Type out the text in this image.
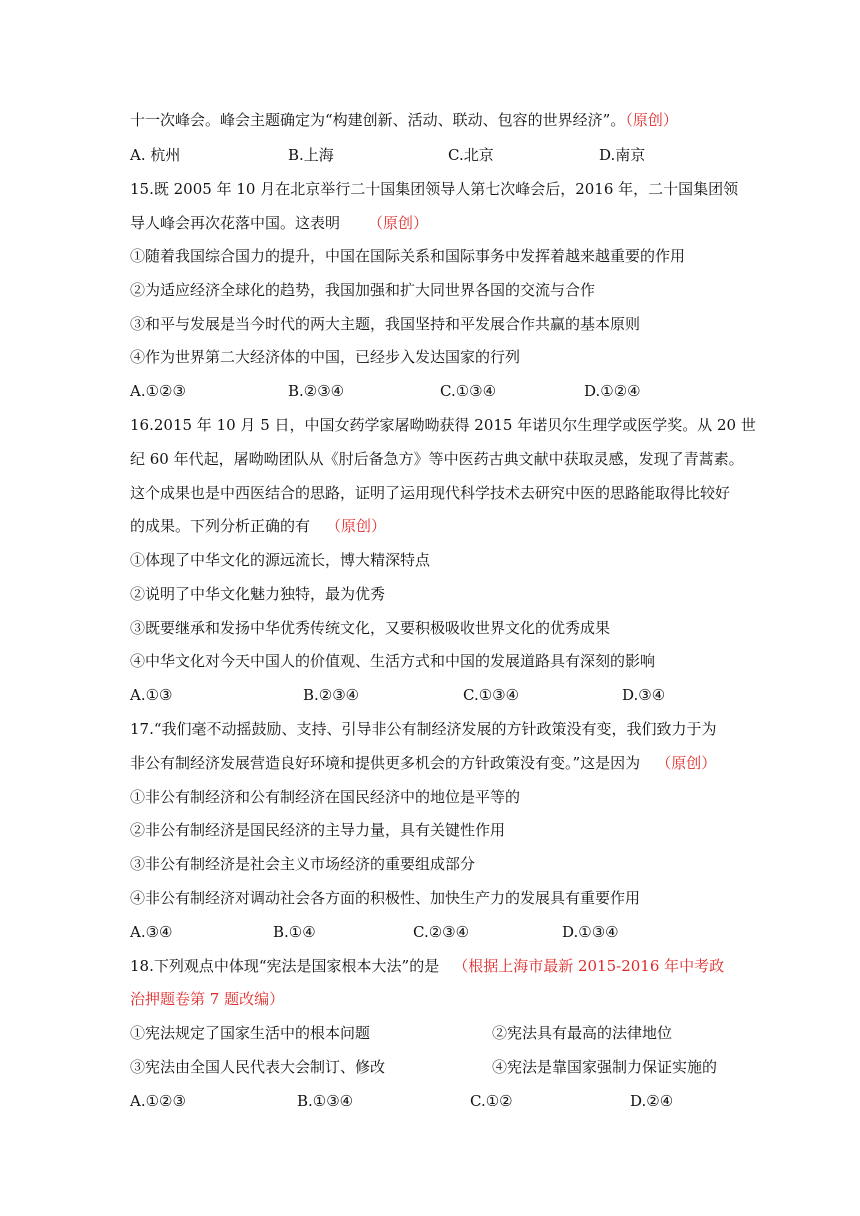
十一次峰会。峰会主题确定为“构建创新、活动、联动、包容的世界经济”。（原创）
A. 杭州	B.上海	C.北京	D.南京
15.既 2005 年 10 月在北京举行二十国集团领导人第七次峰会后，2016 年，二十国集团领
导人峰会再次花落中国。这表明 （原创）
①随着我国综合国力的提升，中国在国际关系和国际事务中发挥着越来越重要的作用
②为适应经济全球化的趋势，我国加强和扩大同世界各国的交流与合作
③和平与发展是当今时代的两大主题，我国坚持和平发展合作共赢的基本原则
④作为世界第二大经济体的中国，已经步入发达国家的行列
A.①②③	B.②③④	C.①③④	D.①②④
16.2015 年 10 月 5 日，中国女药学家屠呦呦获得 2015 年诺贝尔生理学或医学奖。从 20 世
纪 60 年代起，屠呦呦团队从《肘后备急方》等中医药古典文献中获取灵感，发现了青蒿素。
这个成果也是中西医结合的思路，证明了运用现代科学技术去研究中医的思路能取得比较好
的成果。下列分析正确的有 （原创）
①体现了中华文化的源远流长，博大精深特点
②说明了中华文化魅力独特，最为优秀
③既要继承和发扬中华优秀传统文化，又要积极吸收世界文化的优秀成果
④中华文化对今天中国人的价值观、生活方式和中国的发展道路具有深刻的影响
A.①③	B.②③④	C.①③④	D.③④
17.“我们毫不动摇鼓励、支持、引导非公有制经济发展的方针政策没有变，我们致力于为
非公有制经济发展营造良好环境和提供更多机会的方针政策没有变。”这是因为 （原创）
①非公有制经济和公有制经济在国民经济中的地位是平等的
②非公有制经济是国民经济的主导力量，具有关键性作用
③非公有制经济是社会主义市场经济的重要组成部分
④非公有制经济对调动社会各方面的积极性、加快生产力的发展具有重要作用
A.③④	B.①④	C.②③④	D.①③④
18.下列观点中体现“宪法是国家根本大法”的是 （根据上海市最新 2015-2016 年中考政
治押题卷第 7 题改编）
①宪法规定了国家生活中的根本问题	②宪法具有最高的法律地位
③宪法由全国人民代表大会制订、修改	④宪法是靠国家强制力保证实施的
A.①②③	B.①③④	C.①②	D.②④
